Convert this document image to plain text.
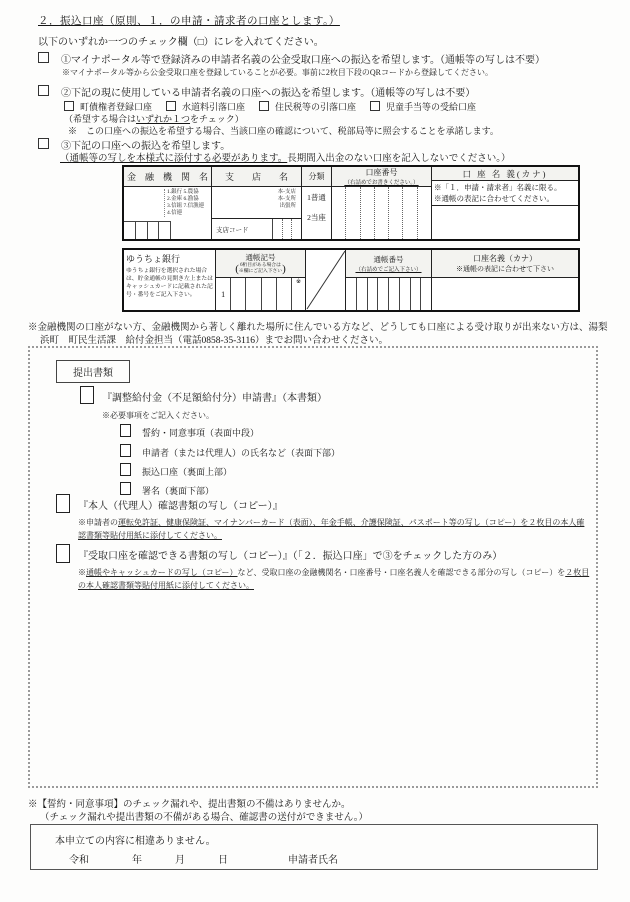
２．振込口座（原則、１．の申請・請求者の口座とします。）
以下のいずれか一つのチェック欄（□）にレを入れてください。
①マイナポータル等で登録済みの申請者名義の公金受取口座への振込を希望します。（通帳等の写しは不要）
※マイナポータル等から公金受取口座を登録していることが必要。事前に2枚目下段のQRコードから登録してください。
②下記の現に使用している申請者名義の口座への振込を希望します。（通帳等の写しは不要）
町債権者登録口座	水道料引落口座	住民税等の引落口座	児童手当等の受給口座
（希望する場合はいずれか１つをチェック）
※　この口座への振込を希望する場合、当該口座の確認について、税部局等に照会することを承諾します。
③下記の口座への振込を希望します。
（通帳等の写しを本様式に添付する必要があります。長期間入出金のない口座を記入しないでください。）
金　融　機　関　名
1.銀行 5.農協
2.金庫 6.漁協
3.信組 7.信漁連
4.信連
支　　店　　名
本-支店
本-支所
出張所
支店コード
分類
1普通
2当座
口座番号
（右詰めでお書きください。）
口 座 名 義(カナ)
※「１．申請・請求者」名義に限る。
※通帳の表記に合わせてください。
ゆうちょ銀行
ゆうちょ銀行を選択された場合は、貯金通帳の見開き左上またはキャッシュカードに記載された記号・番号をご記入下さい。
通帳記号
( 6桁目がある場合は
※欄にご記入下さい )
1
※
通帳番号
（右詰めでご記入下さい）
口座名義（カナ）
※通帳の表記に合わせて下さい
※金融機関の口座がない方、金融機関から著しく離れた場所に住んでいる方など、どうしても口座による受け取りが出来ない方は、湯梨
浜町　町民生活課　給付金担当（電話0858-35-3116）までお問い合わせください。
提出書類
『調整給付金（不足額給付分）申請書』（本書類）
※必要事項をご記入ください。
誓約・同意事項（表面中段）
申請者（または代理人）の氏名など（表面下部）
振込口座（裏面上部）
署名（裏面下部）
『本人（代理人）確認書類の写し（コピー）』
※申請者の運転免許証、健康保険証、マイナンバーカード（表面）、年金手帳、介護保険証、パスポート等の写し（コピー）を２枚目の本人確認書類等貼付用紙に添付してください。
『受取口座を確認できる書類の写し（コピー）』（「２．振込口座」で③をチェックした方のみ）
※通帳やキャッシュカードの写し（コピー）など、受取口座の金融機関名・口座番号・口座名義人を確認できる部分の写し（コピー）を２枚目の本人確認書類等貼付用紙に添付してください。
※【誓約・同意事項】のチェック漏れや、提出書類の不備はありませんか。
（チェック漏れや提出書類の不備がある場合、確認書の送付ができません。）
本申立ての内容に相違ありません。
令和	年	月	日	申請者氏名
